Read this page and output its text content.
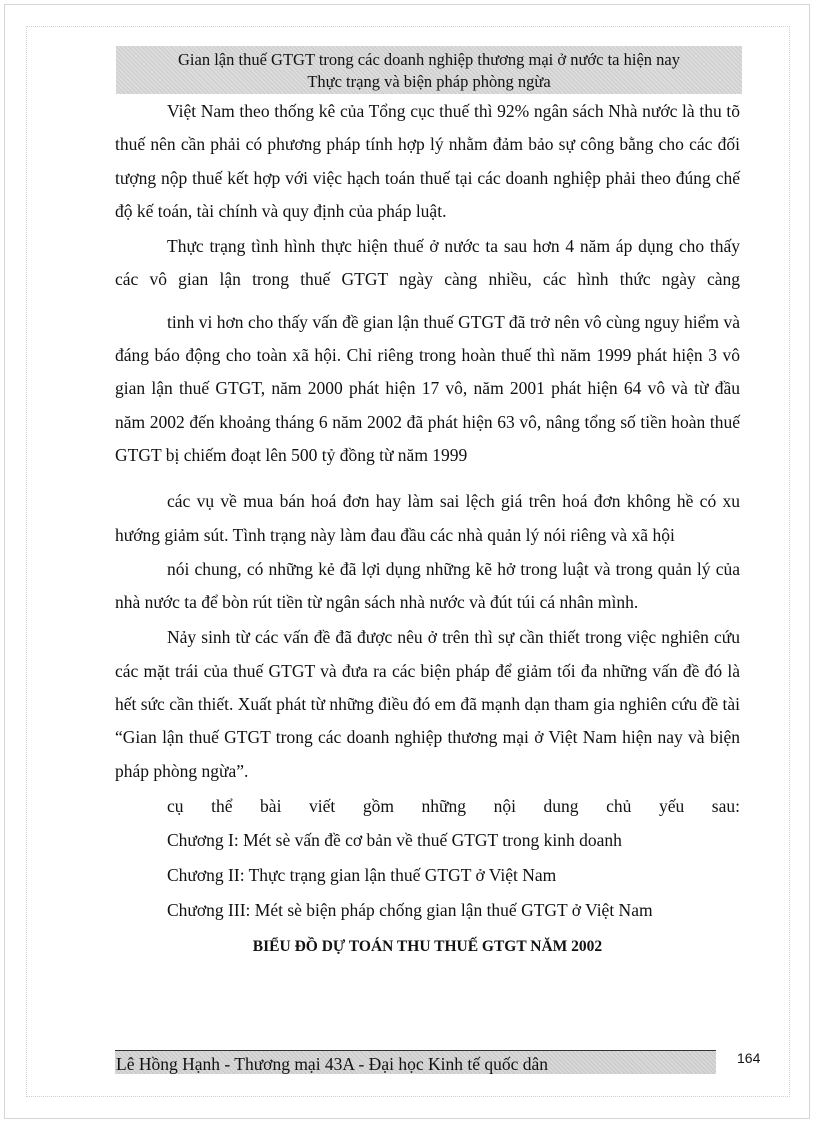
Gian lận thuế GTGT trong các doanh nghiệp thương mại ở nước ta hiện nay
Thực trạng và biện pháp phòng ngừa

Việt Nam theo thống kê của Tổng cục thuế thì 92% ngân sách Nhà nước là thu tõ thuế nên cần phải có phương pháp tính hợp lý nhằm đảm bảo sự công bằng cho các đối tượng nộp thuế kết hợp với việc hạch toán thuế tại các doanh nghiệp phải theo đúng chế độ kế toán, tài chính và quy định của pháp luật.

Thực trạng tình hình thực hiện thuế ở nước ta sau hơn 4 năm áp dụng cho thấy các vô gian lận trong thuế GTGT ngày càng nhiều, các hình thức ngày càng

tinh vi hơn cho thấy vấn đề gian lận thuế GTGT đã trở nên vô cùng nguy hiểm và đáng báo động cho toàn xã hội. Chỉ riêng trong hoàn thuế thì năm 1999 phát hiện 3 vô gian lận thuế GTGT, năm 2000 phát hiện 17 vô, năm 2001 phát hiện 64 vô và từ đầu năm 2002 đến khoảng tháng 6 năm 2002 đã phát hiện 63 vô, nâng tổng số tiền hoàn thuế GTGT bị chiếm đoạt lên 500 tỷ đồng từ năm 1999

các vụ về mua bán hoá đơn hay làm sai lệch giá trên hoá đơn không hề có xu hướng giảm sút. Tình trạng này làm đau đầu các nhà quản lý nói riêng và xã hội

nói chung, có những kẻ đã lợi dụng những kẽ hở trong luật và trong quản lý của nhà nước ta để bòn rút tiền từ ngân sách nhà nước và đút túi cá nhân mình.

Nảy sinh từ các vấn đề đã được nêu ở trên thì sự cần thiết trong việc nghiên cứu các mặt trái của thuế GTGT và đưa ra các biện pháp để giảm tối đa những vấn đề đó là hết sức cần thiết. Xuất phát từ những điều đó em đã mạnh dạn tham gia nghiên cứu đề tài “Gian lận thuế GTGT trong các doanh nghiệp thương mại ở Việt Nam hiện nay và biện pháp phòng ngừa”.

cụ thể bài viết gồm những nội dung chủ yếu sau:

Chương I: Mét sè vấn đề cơ bản về thuế GTGT trong kinh doanh
Chương II: Thực trạng gian lận thuế GTGT ở Việt Nam
Chương III: Mét sè biện pháp chống gian lận thuế GTGT ở Việt Nam
BIỂU ĐỒ DỰ TOÁN THU THUẾ GTGT NĂM 2002
Lê Hồng Hạnh - Thương mại 43A - Đại học Kinh tế quốc dân	164
